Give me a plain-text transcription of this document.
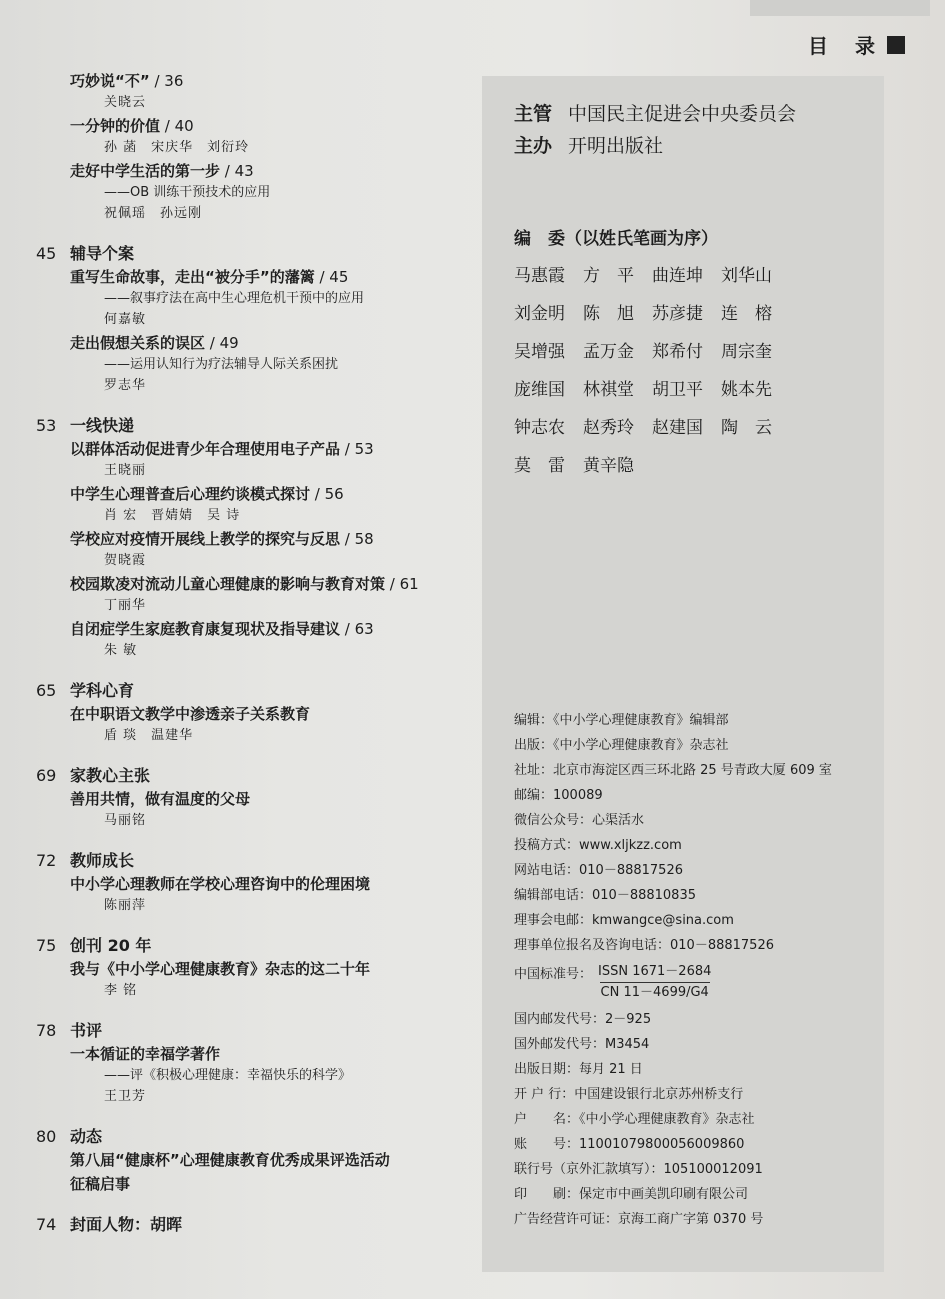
目 录
巧妙说“不” / 36
关晓云
一分钟的价值 / 40
孙 菡　宋庆华　刘衍玲
走好中学生活的第一步 / 43
——OB 训练干预技术的应用
祝佩瑶　孙远刚
45 辅导个案
重写生命故事，走出“被分手”的藩篱 / 45
——叙事疗法在高中生心理危机干预中的应用
何嘉敏
走出假想关系的误区 / 49
——运用认知行为疗法辅导人际关系困扰
罗志华
53 一线快递
以群体活动促进青少年合理使用电子产品 / 53
王晓丽
中学生心理普查后心理约谈模式探讨 / 56
肖 宏　晋婧婧　吴 诗
学校应对疫情开展线上教学的探究与反思 / 58
贺晓霞
校园欺凌对流动儿童心理健康的影响与教育对策 / 61
丁丽华
自闭症学生家庭教育康复现状及指导建议 / 63
朱 敏
65 学科心育
在中职语文教学中渗透亲子关系教育
盾 琰　温建华
69 家教心主张
善用共情，做有温度的父母
马丽铭
72 教师成长
中小学心理教师在学校心理咨询中的伦理困境
陈丽萍
75 创刊 20 年
我与《中小学心理健康教育》杂志的这二十年
李 铭
78 书评
一本循证的幸福学著作
——评《积极心理健康：幸福快乐的科学》
王卫芳
80 动态
第八届“健康杯”心理健康教育优秀成果评选活动
征稿启事
74 封面人物：胡晖
主管 中国民主促进会中央委员会
主办 开明出版社
编　委（以姓氏笔画为序）
马惠霞	方　平	曲连坤	刘华山
刘金明	陈　旭	苏彦捷	连　榕
吴增强	孟万金	郑希付	周宗奎
庞维国	林祺堂	胡卫平	姚本先
钟志农	赵秀玲	赵建国	陶　云
莫　雷	黄辛隐
编辑：《中小学心理健康教育》编辑部
出版：《中小学心理健康教育》杂志社
社址：北京市海淀区西三环北路 25 号青政大厦 609 室
邮编：100089
微信公众号：心渠活水
投稿方式：www.xljkzz.com
网站电话：010－88817526
编辑部电话：010－88810835
理事会电邮：kmwangce@sina.com
理事单位报名及咨询电话：010－88817526
中国标准号： ISSN 1671－2684
CN 11－4699/G4
国内邮发代号：2－925
国外邮发代号：M3454
出版日期：每月 21 日
开 户 行：中国建设银行北京苏州桥支行
户　　名：《中小学心理健康教育》杂志社
账　　号：11001079800056009860
联行号（京外汇款填写）：105100012091
印　　刷：保定市中画美凯印刷有限公司
广告经营许可证：京海工商广字第 0370 号
